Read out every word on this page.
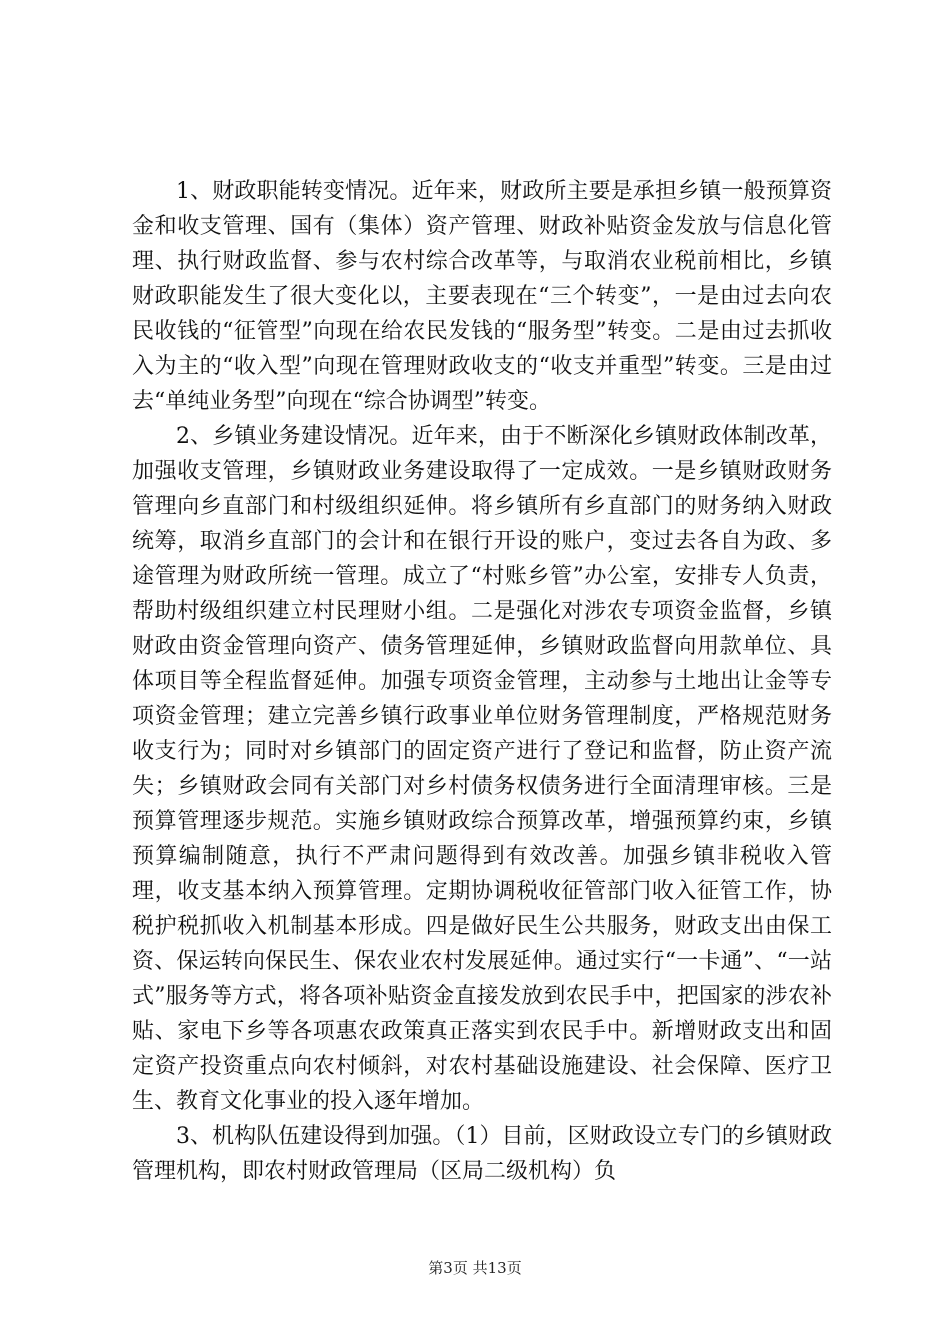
1、财政职能转变情况。近年来，财政所主要是承担乡镇一般预算资金和收支管理、国有（集体）资产管理、财政补贴资金发放与信息化管理、执行财政监督、参与农村综合改革等，与取消农业税前相比，乡镇财政职能发生了很大变化以，主要表现在“三个转变”，一是由过去向农民收钱的“征管型”向现在给农民发钱的“服务型”转变。二是由过去抓收入为主的“收入型”向现在管理财政收支的“收支并重型”转变。三是由过去“单纯业务型”向现在“综合协调型”转变。

2、乡镇业务建设情况。近年来，由于不断深化乡镇财政体制改革，加强收支管理，乡镇财政业务建设取得了一定成效。一是乡镇财政财务管理向乡直部门和村级组织延伸。将乡镇所有乡直部门的财务纳入财政统筹，取消乡直部门的会计和在银行开设的账户，变过去各自为政、多途管理为财政所统一管理。成立了“村账乡管”办公室，安排专人负责，帮助村级组织建立村民理财小组。二是强化对涉农专项资金监督，乡镇财政由资金管理向资产、债务管理延伸，乡镇财政监督向用款单位、具体项目等全程监督延伸。加强专项资金管理，主动参与土地出让金等专项资金管理；建立完善乡镇行政事业单位财务管理制度，严格规范财务收支行为；同时对乡镇部门的固定资产进行了登记和监督，防止资产流失；乡镇财政会同有关部门对乡村债务权债务进行全面清理审核。三是预算管理逐步规范。实施乡镇财政综合预算改革，增强预算约束，乡镇预算编制随意，执行不严肃问题得到有效改善。加强乡镇非税收入管理，收支基本纳入预算管理。定期协调税收征管部门收入征管工作，协税护税抓收入机制基本形成。四是做好民生公共服务，财政支出由保工资、保运转向保民生、保农业农村发展延伸。通过实行“一卡通”、“一站式”服务等方式，将各项补贴资金直接发放到农民手中，把国家的涉农补贴、家电下乡等各项惠农政策真正落实到农民手中。新增财政支出和固定资产投资重点向农村倾斜，对农村基础设施建设、社会保障、医疗卫生、教育文化事业的投入逐年增加。

3、机构队伍建设得到加强。（1）目前，区财政设立专门的乡镇财政管理机构，即农村财政管理局（区局二级机构）负

第3页 共13页
